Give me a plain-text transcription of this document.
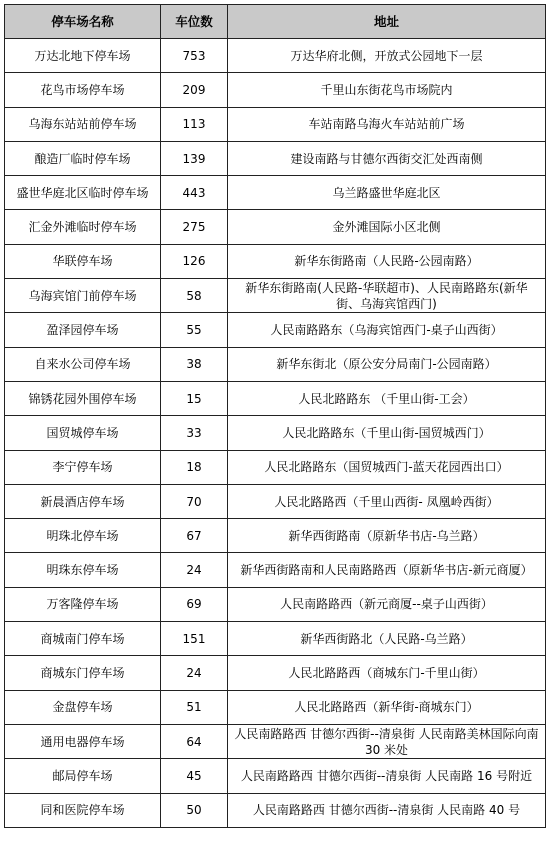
停车场名称	车位数	地址
万达北地下停车场	753	万达华府北侧，开放式公园地下一层
花鸟市场停车场	209	千里山东街花鸟市场院内
乌海东站站前停车场	113	车站南路乌海火车站站前广场
酿造厂临时停车场	139	建设南路与甘德尔西街交汇处西南侧
盛世华庭北区临时停车场	443	乌兰路盛世华庭北区
汇金外滩临时停车场	275	金外滩国际小区北侧
华联停车场	126	新华东街路南（人民路-公园南路）
乌海宾馆门前停车场	58	新华东街路南(人民路-华联超市)、人民南路路东(新华街、乌海宾馆西门)
盈泽园停车场	55	人民南路路东（乌海宾馆西门-桌子山西街）
自来水公司停车场	38	新华东街北（原公安分局南门-公园南路）
锦锈花园外围停车场	15	人民北路路东 （千里山街-工会）
国贸城停车场	33	人民北路路东（千里山街-国贸城西门）
李宁停车场	18	人民北路路东（国贸城西门-蓝天花园西出口）
新晨酒店停车场	70	人民北路路西（千里山西街- 凤凰岭西街）
明珠北停车场	67	新华西街路南（原新华书店-乌兰路）
明珠东停车场	24	新华西街路南和人民南路路西（原新华书店-新元商厦）
万客隆停车场	69	人民南路路西（新元商厦--桌子山西街）
商城南门停车场	151	新华西街路北（人民路-乌兰路）
商城东门停车场	24	人民北路路西（商城东门-千里山街）
金盘停车场	51	人民北路路西（新华街-商城东门）
通用电器停车场	64	人民南路路西 甘德尔西街--清泉街 人民南路美林国际向南 30 米处
邮局停车场	45	人民南路路西 甘德尔西街--清泉街 人民南路 16 号附近
同和医院停车场	50	人民南路路西 甘德尔西街--清泉街 人民南路 40 号
